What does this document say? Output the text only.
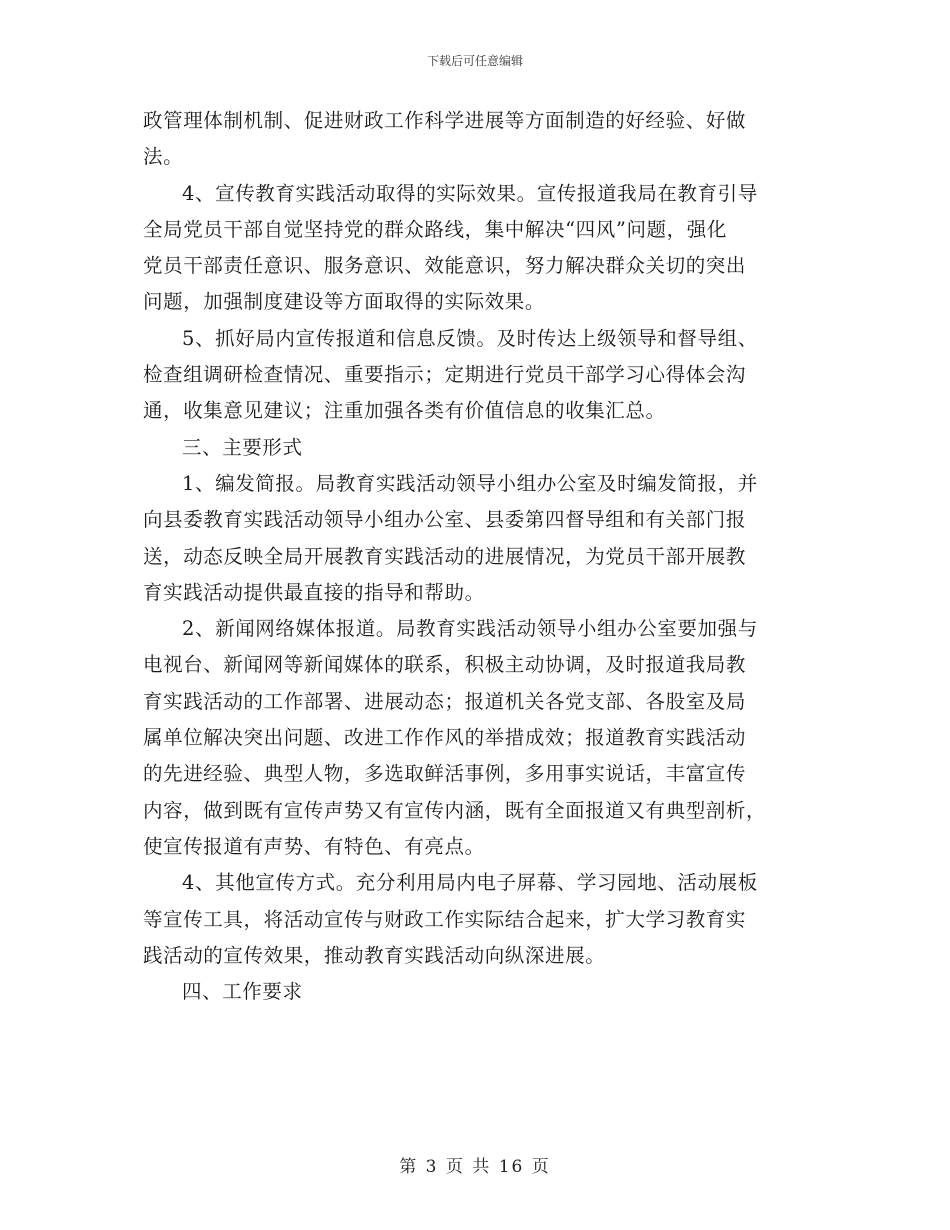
下载后可任意编辑

政管理体制机制、促进财政工作科学进展等方面制造的好经验、好做
法。

4、宣传教育实践活动取得的实际效果。宣传报道我局在教育引导
全局党员干部自觉坚持党的群众路线，集中解决“四风”问题，强化
党员干部责任意识、服务意识、效能意识，努力解决群众关切的突出
问题，加强制度建设等方面取得的实际效果。

5、抓好局内宣传报道和信息反馈。及时传达上级领导和督导组、
检查组调研检查情况、重要指示；定期进行党员干部学习心得体会沟
通，收集意见建议；注重加强各类有价值信息的收集汇总。

三、主要形式

1、编发简报。局教育实践活动领导小组办公室及时编发简报，并
向县委教育实践活动领导小组办公室、县委第四督导组和有关部门报
送，动态反映全局开展教育实践活动的进展情况，为党员干部开展教
育实践活动提供最直接的指导和帮助。

2、新闻网络媒体报道。局教育实践活动领导小组办公室要加强与
电视台、新闻网等新闻媒体的联系，积极主动协调，及时报道我局教
育实践活动的工作部署、进展动态；报道机关各党支部、各股室及局
属单位解决突出问题、改进工作作风的举措成效；报道教育实践活动
的先进经验、典型人物，多选取鲜活事例，多用事实说话，丰富宣传
内容，做到既有宣传声势又有宣传内涵，既有全面报道又有典型剖析，
使宣传报道有声势、有特色、有亮点。

4、其他宣传方式。充分利用局内电子屏幕、学习园地、活动展板
等宣传工具，将活动宣传与财政工作实际结合起来，扩大学习教育实
践活动的宣传效果，推动教育实践活动向纵深进展。

四、工作要求

第 3 页 共 16 页
